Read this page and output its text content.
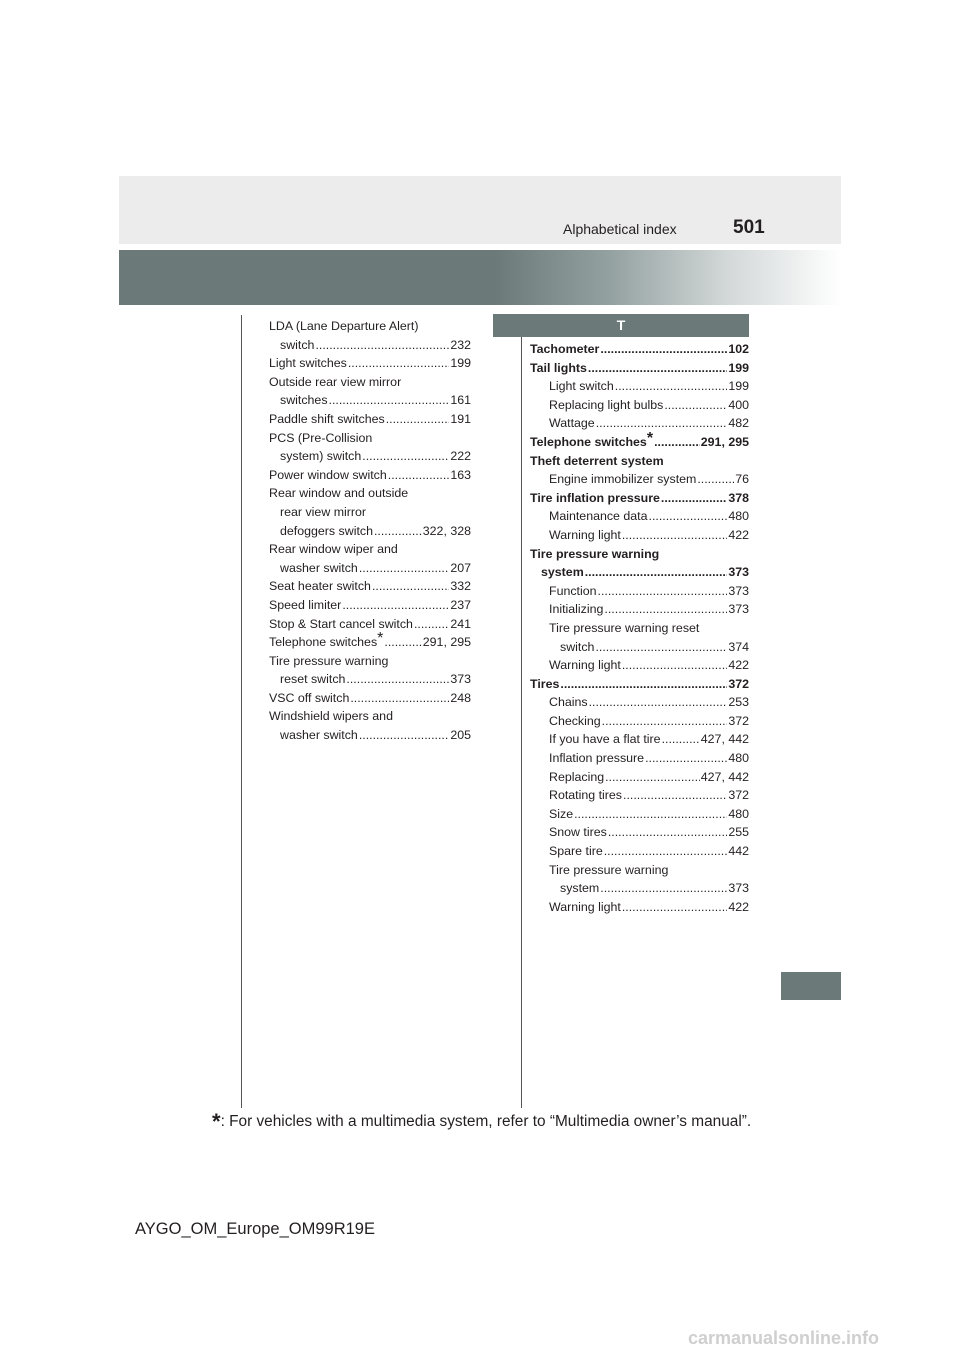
501
Alphabetical index
T
LDA (Lane Departure Alert)
switch .....	232
Light switches .....	199
Outside rear view mirror
switches .....	161
Paddle shift switches .....	191
PCS (Pre-Collision
system) switch .....	222
Power window switch .....	163
Rear window and outside
rear view mirror
defoggers switch .....	322, 328
Rear window wiper and
washer switch .....	207
Seat heater switch .....	332
Speed limiter .....	237
Stop & Start cancel switch .....	241
Telephone switches* .....	291, 295
Tire pressure warning
reset switch .....	373
VSC off switch .....	248
Windshield wipers and
washer switch .....	205
Tachometer .....	102
Tail lights .....	199
Light switch .....	199
Replacing light bulbs .....	400
Wattage .....	482
Telephone switches* .....	291, 295
Theft deterrent system
Engine immobilizer system .....	76
Tire inflation pressure .....	378
Maintenance data .....	480
Warning light .....	422
Tire pressure warning
system .....	373
Function .....	373
Initializing .....	373
Tire pressure warning reset
switch .....	374
Warning light .....	422
Tires .....	372
Chains .....	253
Checking .....	372
If you have a flat tire .....	427, 442
Inflation pressure .....	480
Replacing .....	427, 442
Rotating tires .....	372
Size .....	480
Snow tires .....	255
Spare tire .....	442
Tire pressure warning
system .....	373
Warning light .....	422
*: For vehicles with a multimedia system, refer to “Multimedia owner’s manual”.
AYGO_OM_Europe_OM99R19E
carmanualsonline.info
